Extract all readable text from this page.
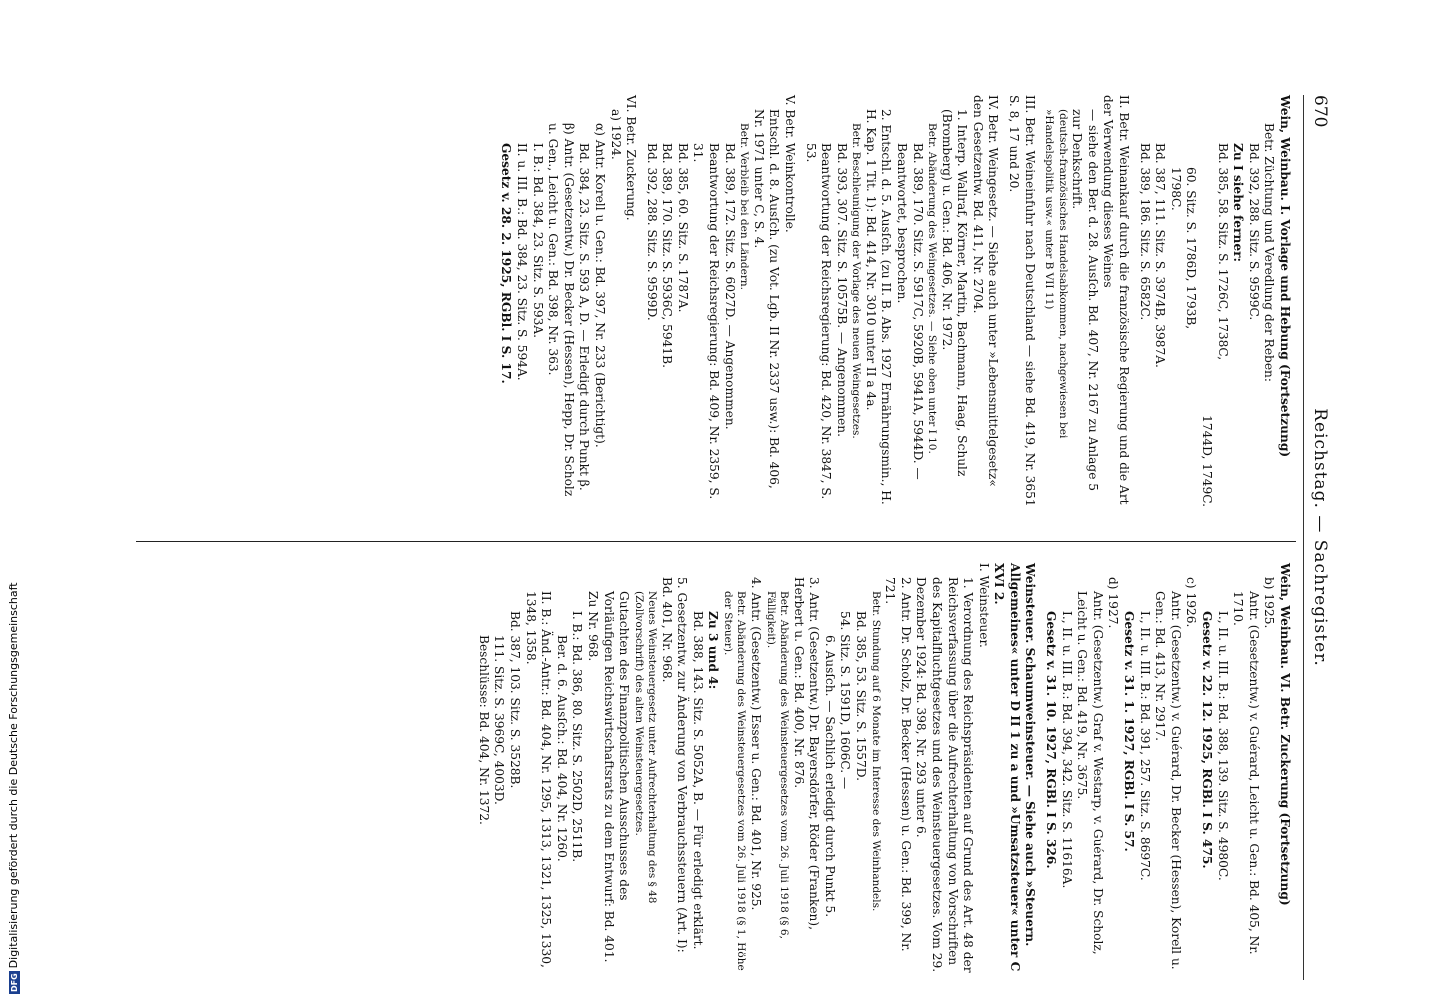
670
Reichstag. — Sachregister.
Wein, Weinbau. I. Vorlage und Hebung (Fortsetzung)
Betr. Züchtung und Veredlung der Reben:
Bd. 392, 288. Sitz. S. 9599C.
Zu I siehe ferner:
Bd. 385, 58. Sitz. S. 1726C, 1738C,
1744D, 1749C.
60. Sitz. S. 1786D, 1793B,
1798C.
Bd. 387, 111. Sitz. S. 3974B, 3987A.
Bd. 389, 186. Sitz. S. 6582C.
II. Betr. Weinankauf durch die französische Regierung und die Art der Verwendung dieses Weines
— siehe den Ber. d. 28. Ausſch. Bd. 407, Nr. 2167 zu Anlage 5 zur Denkschrift.
(deutsch-französisches Handelsabkommen, nachgewiesen bei »Handelspolitik usw.« unter B VII 11)
III. Betr. Weineinfuhr nach Deutschland — siehe Bd. 419, Nr. 3651 S. 8, 17 und 20.
IV. Betr. Weingesetz. — Siehe auch unter »Lebensmittelgesetz« den Gesetzentw. Bd. 411, Nr. 2704.
1. Interp. Wallraf, Körner, Martin, Bachmann, Haag, Schulz (Bromberg) u. Gen.: Bd. 406, Nr. 1972.
Betr. Abänderung des Weingesetzes. — Siehe oben unter I 10.
Bd. 389, 170. Sitz. S. 5917C, 5920B, 5941A, 5944D. — Beantwortet, besprochen.
2. Entschl. d. 5. Ausſch. (zu II. B. Abs. 1927 Ernährungsmin., H. H. Kap. 1 Tit. 1): Bd. 414, Nr. 3010 unter II a 4a.
Betr. Beschleunigung der Vorlage des neuen Weingesetzes.
Bd. 393, 307. Sitz. S. 10575B. — Angenommen.
Beantwortung der Reichsregierung: Bd. 420, Nr. 3847, S. 53.
V. Betr. Weinkontrolle.
Entschl. d. 8. Ausſch. (zu Vot. Lgb. II Nr. 2337 usw.): Bd. 406, Nr. 1971 unter C, S. 4.
Betr. Verbleib bei den Ländern.
Bd. 389, 172. Sitz. S. 6027D. — Angenommen.
Beantwortung der Reichsregierung: Bd. 409, Nr. 2359, S. 31.
Bd. 385, 60. Sitz. S. 1787A.
Bd. 389, 170. Sitz. S. 5936C, 5941B.
Bd. 392, 288. Sitz. S. 9599D.
VI. Betr. Zuckerung.
a) 1924.
α) Antr. Korell u. Gen.: Bd. 397, Nr. 233 (Berichtigt).
Bd. 384, 23. Sitz. S. 593 A, D. — Erledigt durch Punkt β.
β) Antr. (Gesetzentw.) Dr. Becker (Hessen), Hepp, Dr. Scholz u. Gen., Leicht u. Gen.: Bd. 398, Nr. 363.
I. B.: Bd. 384, 23. Sitz. S. 593A.
II. u. III. B.: Bd. 384, 23. Sitz. S. 594A.
Gesetz v. 28. 2. 1925, RGBl. I S. 17.
Wein, Weinbau. VI. Betr. Zuckerung (Fortsetzung)
b) 1925.
Antr. (Gesetzentw.) v. Guérard, Leicht u. Gen.: Bd. 405, Nr. 1710.
I., II. u. III. B.: Bd. 388, 139. Sitz. S. 4980C.
Gesetz v. 22. 12. 1925, RGBl. I S. 475.
c) 1926.
Antr. (Gesetzentw.) v. Guérard, Dr. Becker (Hessen), Korell u. Gen.: Bd. 413, Nr. 2917.
I., II. u. III. B.: Bd. 391, 257. Sitz. S. 8697C.
Gesetz v. 31. 1. 1927, RGBl. I S. 57.
d) 1927.
Antr. (Gesetzentw.) Graf v. Westarp, v. Guérard, Dr. Scholz, Leicht u. Gen.: Bd. 419, Nr. 3675.
I., II. u. III. B.: Bd. 394, 342. Sitz. S. 11616A.
Gesetz v. 31. 10. 1927, RGBl. I S. 326.
Weinsteuer. Schaumweinsteuer. — Siehe auch »Steuern. Allgemeines« unter D II 1 zu a und »Umsatzsteuer« unter C XVI 2.
I. Weinsteuer.
1. Verordnung des Reichspräsidenten auf Grund des Art. 48 der Reichsverfassung über die Aufrechterhaltung von Vorschriften des Kapitalfluchtgesetzes und des Weinsteuergesetzes. Vom 29. Dezember 1924: Bd. 398, Nr. 293 unter 6.
2. Antr. Dr. Scholz, Dr. Becker (Hessen) u. Gen.: Bd. 399, Nr. 721.
Betr. Stundung auf 6 Monate im Interesse des Weinhandels.
Bd. 385, 53. Sitz. S. 1557D.
54. Sitz. S. 1591D, 1606C. —
6. Ausſch. — Sachlich erledigt durch Punkt 5.
3. Antr. (Gesetzentw.) Dr. Bayersdörfer, Röder (Franken), Herbert u. Gen.: Bd. 400, Nr. 876.
Betr. Abänderung des Weinsteuergesetzes vom 26. Juli 1918 (§ 6, Fälligkeit).
4. Antr. (Gesetzentw.) Esser u. Gen.: Bd. 401, Nr. 925.
Betr. Abänderung des Weinsteuergesetzes vom 26. Juli 1918 (§ 1, Höhe der Steuer).
Zu 3 und 4:
Bd. 388, 143. Sitz. S. 5052A, B. — Für erledigt erklärt.
5. Gesetzentw. zur Änderung von Verbrauchssteuern (Art. I): Bd. 401, Nr. 968.
Neues Weinsteuergesetz unter Aufrechterhaltung des § 48 (Zollvorschrift) des alten Weinsteuergesetzes.
Gutachten des Finanzpolitischen Ausschusses des Vorläufigen Reichswirtschaftsrats zu dem Entwurf: Bd. 401. Zu Nr. 968.
I. B.: Bd. 386, 80. Sitz. S. 2502D, 2511B.
Ber. d. 6. Ausſch.: Bd. 404, Nr. 1260.
II. B.: Änd.-Antr.: Bd. 404, Nr. 1295, 1313, 1321, 1325, 1330, 1348, 1358.
Bd. 387, 103. Sitz. S. 3528B.
111. Sitz. S. 3969C, 4003D.
Beschlüsse: Bd. 404, Nr. 1372.
DFGDigitalisierung gefördert durch die Deutsche Forschungsgemeinschaft
